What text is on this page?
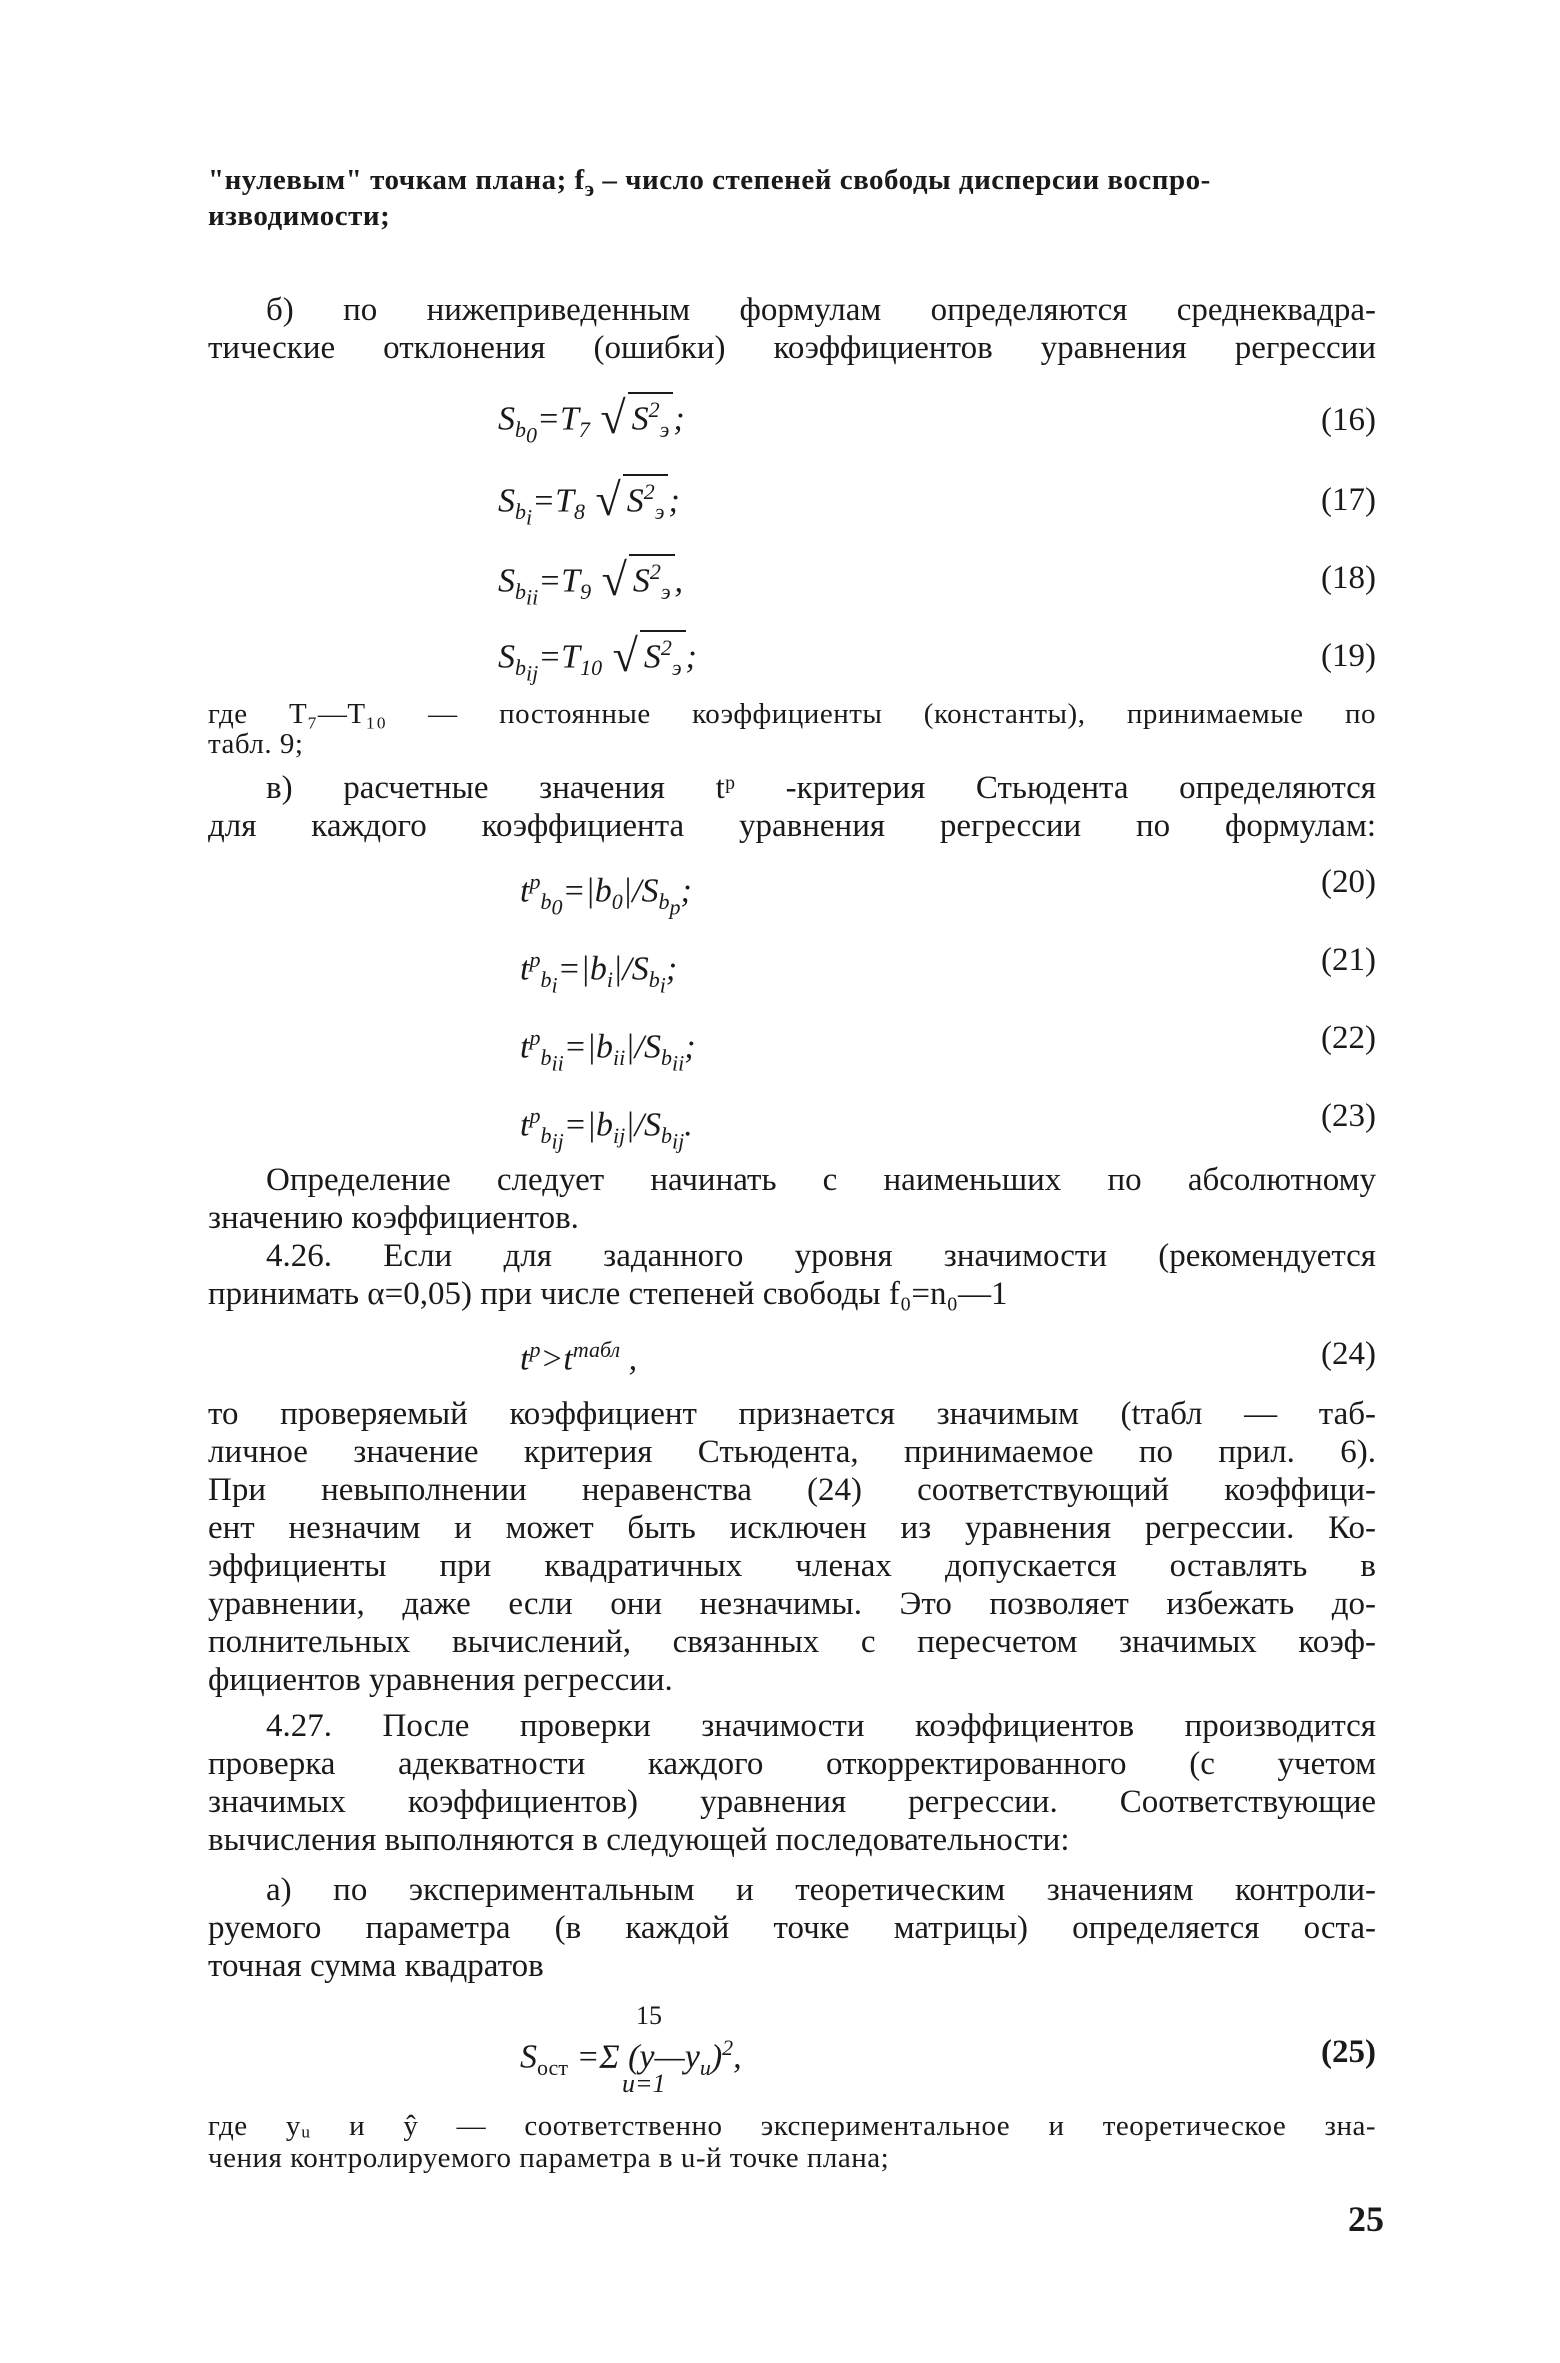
"нулевым" точкам плана; $f_э$ – число степеней свободы дисперсии воспро-
изводимости;
б) по нижеприведенным формулам определяются среднеквадра-
тические отклонения (ошибки) коэффициентов уравнения регрессии
$S_{b_0}=T_7$ √ $S^2_э$ ;	(16)
$S_{b_i}=T_8$ √ $S^2_э$ ;	(17)
$S_{b_{ii}}=T_9$ √ $S^2_э$ ,	(18)
$S_{b_{ij}}=T_{10}$ √ $S^2_э$ ;	(19)
где T₇—T₁₀ — постоянные коэффициенты (константы), принимаемые по
табл. 9;
в) расчетные значения tᵖ -критерия Стьюдента определяются
для каждого коэффициента уравнения регрессии по формулам:
$t^p_{b_0}=|b_0|/S_{b_p}$;	(20)
$t^p_{b_i}=|b_i|/S_{b_i}$;	(21)
$t^p_{b_{ii}}=|b_{ii}|/S_{b_{ii}}$;	(22)
$t^p_{b_{ij}}=|b_{ij}|/S_{b_{ij}}$.	(23)
Определение следует начинать с наименьших по абсолютному
значению коэффициентов.
4.26. Если для заданного уровня значимости (рекомендуется
принимать α=0,05) при числе степеней свободы f₀=n₀—1
$t^p>t^{табл}$ ,	(24)
то проверяемый коэффициент признается значимым (tтабл — таб-
личное значение критерия Стьюдента, принимаемое по прил. 6).
При невыполнении неравенства (24) соответствующий коэффици-
ент незначим и может быть исключен из уравнения регрессии. Ко-
эффициенты при квадратичных членах допускается оставлять в
уравнении, даже если они незначимы. Это позволяет избежать до-
полнительных вычислений, связанных с пересчетом значимых коэф-
фициентов уравнения регрессии.
4.27. После проверки значимости коэффициентов производится
проверка адекватности каждого откорректированного (с учетом
значимых коэффициентов) уравнения регрессии. Соответствующие
вычисления выполняются в следующей последовательности:
а) по экспериментальным и теоретическим значениям контроли-
руемого параметра (в каждой точке матрицы) определяется оста-
точная сумма квадратов
15
$S_{ост} =\Sigma$ $(y—y_u)^2$,
u=1
(25)
где yᵤ и ŷ — соответственно экспериментальное и теоретическое зна-
чения контролируемого параметра в u-й точке плана;
25
